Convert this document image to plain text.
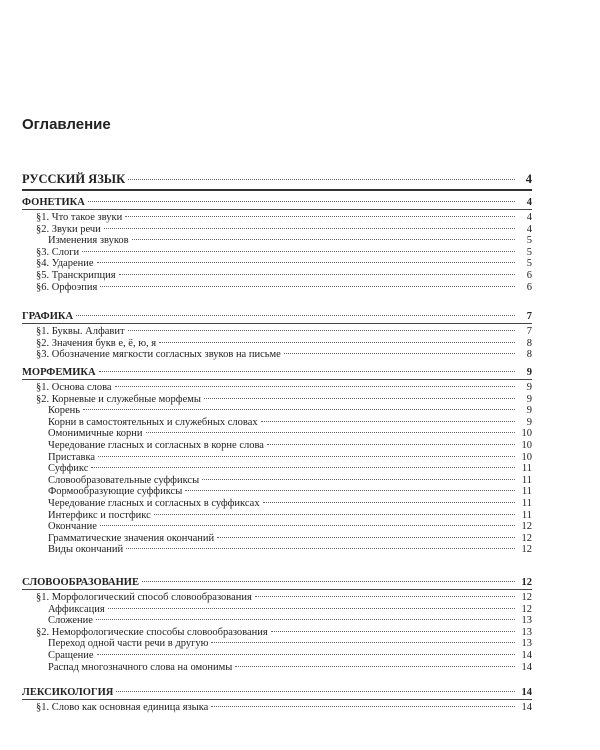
Оглавление
РУССКИЙ ЯЗЫК	4
ФОНЕТИКА	4
§1. Что такое звуки	4
§2. Звуки речи	4
Изменения звуков	5
§3. Слоги	5
§4. Ударение	5
§5. Транскрипция	6
§6. Орфоэпия	6
ГРАФИКА	7
§1. Буквы. Алфавит	7
§2. Значения букв е, ё, ю, я	8
§3. Обозначение мягкости согласных звуков на письме	8
МОРФЕМИКА	9
§1. Основа слова	9
§2. Корневые и служебные морфемы	9
Корень	9
Корни в самостоятельных и служебных словах	9
Омонимичные корни	10
Чередование гласных и согласных в корне слова	10
Приставка	10
Суффикс	11
Словообразовательные суффиксы	11
Формообразующие суффиксы	11
Чередование гласных и согласных в суффиксах	11
Интерфикс и постфикс	11
Окончание	12
Грамматические значения окончаний	12
Виды окончаний	12
СЛОВООБРАЗОВАНИЕ	12
§1. Морфологический способ словообразования	12
Аффиксация	12
Сложение	13
§2. Неморфологические способы словообразования	13
Переход одной части речи в другую	13
Сращение	14
Распад многозначного слова на омонимы	14
ЛЕКСИКОЛОГИЯ	14
§1. Слово как основная единица языка	14
